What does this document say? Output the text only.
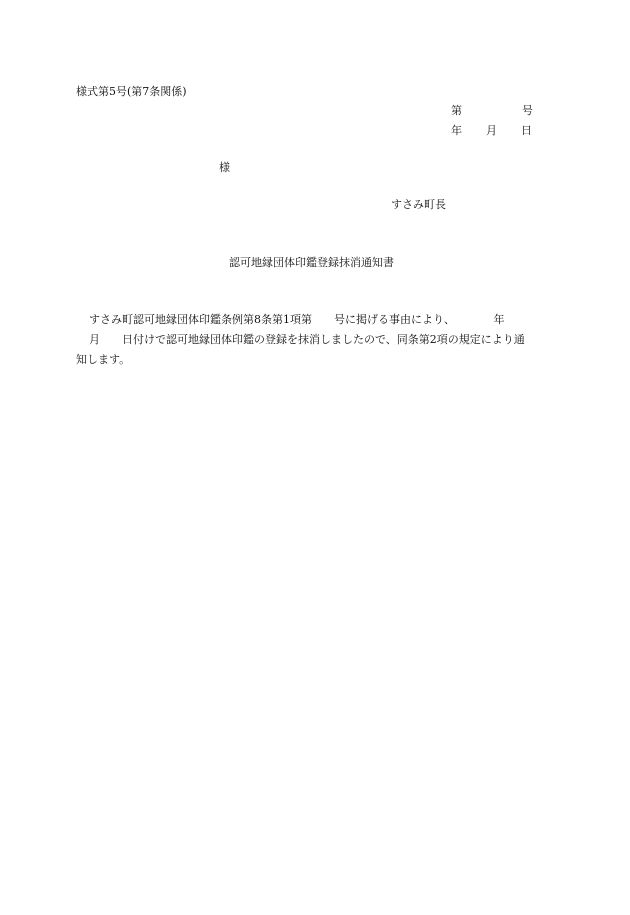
様式第5号(第7条関係)
第	号
年 月 日
様
すさみ町長
認可地縁団体印鑑登録抹消通知書
すさみ町認可地縁団体印鑑条例第8条第1項第　　号に掲げる事由により、　　　　年
月　　日付けで認可地縁団体印鑑の登録を抹消しましたので、同条第2項の規定により通
知します。
